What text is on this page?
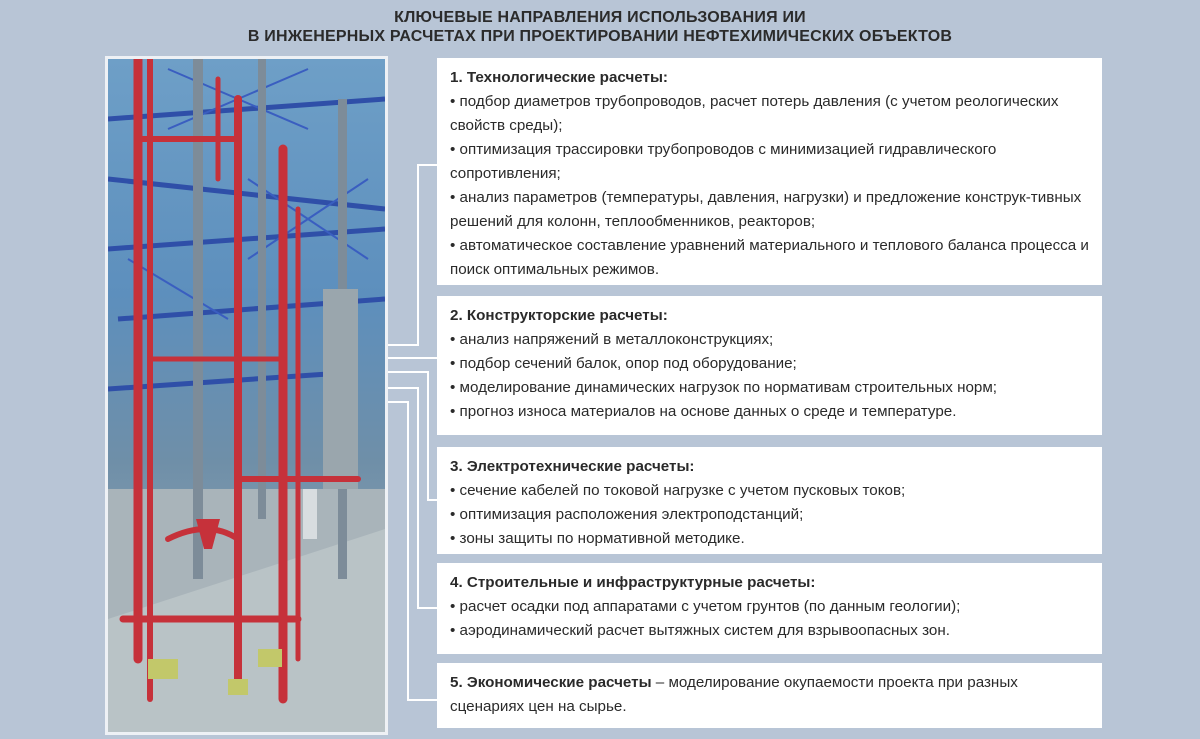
КЛЮЧЕВЫЕ НАПРАВЛЕНИЯ ИСПОЛЬЗОВАНИЯ ИИ
В ИНЖЕНЕРНЫХ РАСЧЕТАХ ПРИ ПРОЕКТИРОВАНИИ НЕФТЕХИМИЧЕСКИХ ОБЪЕКТОВ
1. Технологические расчеты:
• подбор диаметров трубопроводов, расчет потерь давления (с учетом реологических свойств среды);
• оптимизация трассировки трубопроводов с минимизацией гидравлического сопротивления;
• анализ параметров (температуры, давления, нагрузки) и предложение конструк-тивных решений для колонн, теплообменников, реакторов;
• автоматическое составление уравнений материального и теплового баланса процесса и поиск оптимальных режимов.
2. Конструкторские расчеты:
• анализ напряжений в металлоконструкциях;
• подбор сечений балок, опор под оборудование;
• моделирование динамических нагрузок по нормативам строительных норм;
• прогноз износа материалов на основе данных о среде и температуре.
3. Электротехнические расчеты:
• сечение кабелей по токовой нагрузке с учетом пусковых токов;
• оптимизация расположения электроподстанций;
• зоны защиты по нормативной методике.
4. Строительные и инфраструктурные расчеты:
• расчет осадки под аппаратами с учетом грунтов (по данным геологии);
• аэродинамический расчет вытяжных систем для взрывоопасных зон.
5. Экономические расчеты – моделирование окупаемости проекта при разных сценариях цен на сырье.
